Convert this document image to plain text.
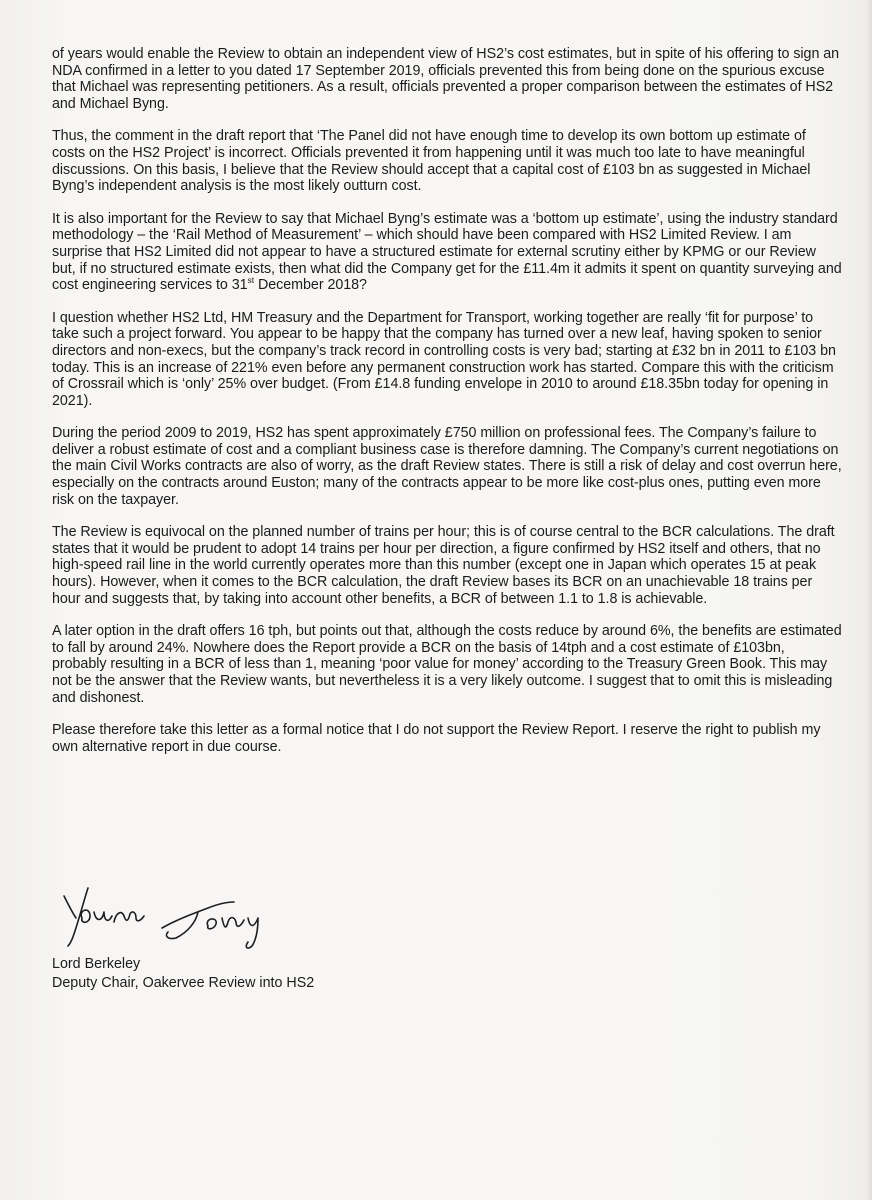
of years would enable the Review to obtain an independent view of HS2’s cost estimates, but in spite of his offering to sign an NDA confirmed in a letter to you dated 17 September 2019, officials prevented this from being done on the spurious excuse that Michael was representing petitioners. As a result, officials prevented a proper comparison between the estimates of HS2 and Michael Byng.

Thus, the comment in the draft report that ‘The Panel did not have enough time to develop its own bottom up estimate of costs on the HS2 Project’ is incorrect. Officials prevented it from happening until it was much too late to have meaningful discussions. On this basis, I believe that the Review should accept that a capital cost of £103 bn as suggested in Michael Byng’s independent analysis is the most likely outturn cost.

It is also important for the Review to say that Michael Byng’s estimate was a ‘bottom up estimate’, using the industry standard methodology – the ‘Rail Method of Measurement’ – which should have been compared with HS2 Limited Review. I am surprise that HS2 Limited did not appear to have a structured estimate for external scrutiny either by KPMG or our Review but, if no structured estimate exists, then what did the Company get for the £11.4m it admits it spent on quantity surveying and cost engineering services to 31st December 2018?

I question whether HS2 Ltd, HM Treasury and the Department for Transport, working together are really ‘fit for purpose’ to take such a project forward. You appear to be happy that the company has turned over a new leaf, having spoken to senior directors and non-execs, but the company’s track record in controlling costs is very bad; starting at £32 bn in 2011 to £103 bn today. This is an increase of 221% even before any permanent construction work has started. Compare this with the criticism of Crossrail which is ‘only’ 25% over budget. (From £14.8 funding envelope in 2010 to around £18.35bn today for opening in 2021).

During the period 2009 to 2019, HS2 has spent approximately £750 million on professional fees. The Company’s failure to deliver a robust estimate of cost and a compliant business case is therefore damning. The Company’s current negotiations on the main Civil Works contracts are also of worry, as the draft Review states. There is still a risk of delay and cost overrun here, especially on the contracts around Euston; many of the contracts appear to be more like cost-plus ones, putting even more risk on the taxpayer.

The Review is equivocal on the planned number of trains per hour; this is of course central to the BCR calculations. The draft states that it would be prudent to adopt 14 trains per hour per direction, a figure confirmed by HS2 itself and others, that no high-speed rail line in the world currently operates more than this number (except one in Japan which operates 15 at peak hours). However, when it comes to the BCR calculation, the draft Review bases its BCR on an unachievable 18 trains per hour and suggests that, by taking into account other benefits, a BCR of between 1.1 to 1.8 is achievable.

A later option in the draft offers 16 tph, but points out that, although the costs reduce by around 6%, the benefits are estimated to fall by around 24%. Nowhere does the Report provide a BCR on the basis of 14tph and a cost estimate of £103bn, probably resulting in a BCR of less than 1, meaning ‘poor value for money’ according to the Treasury Green Book. This may not be the answer that the Review wants, but nevertheless it is a very likely outcome. I suggest that to omit this is misleading and dishonest.

Please therefore take this letter as a formal notice that I do not support the Review Report. I reserve the right to publish my own alternative report in due course.

Lord Berkeley
Deputy Chair, Oakervee Review into HS2
